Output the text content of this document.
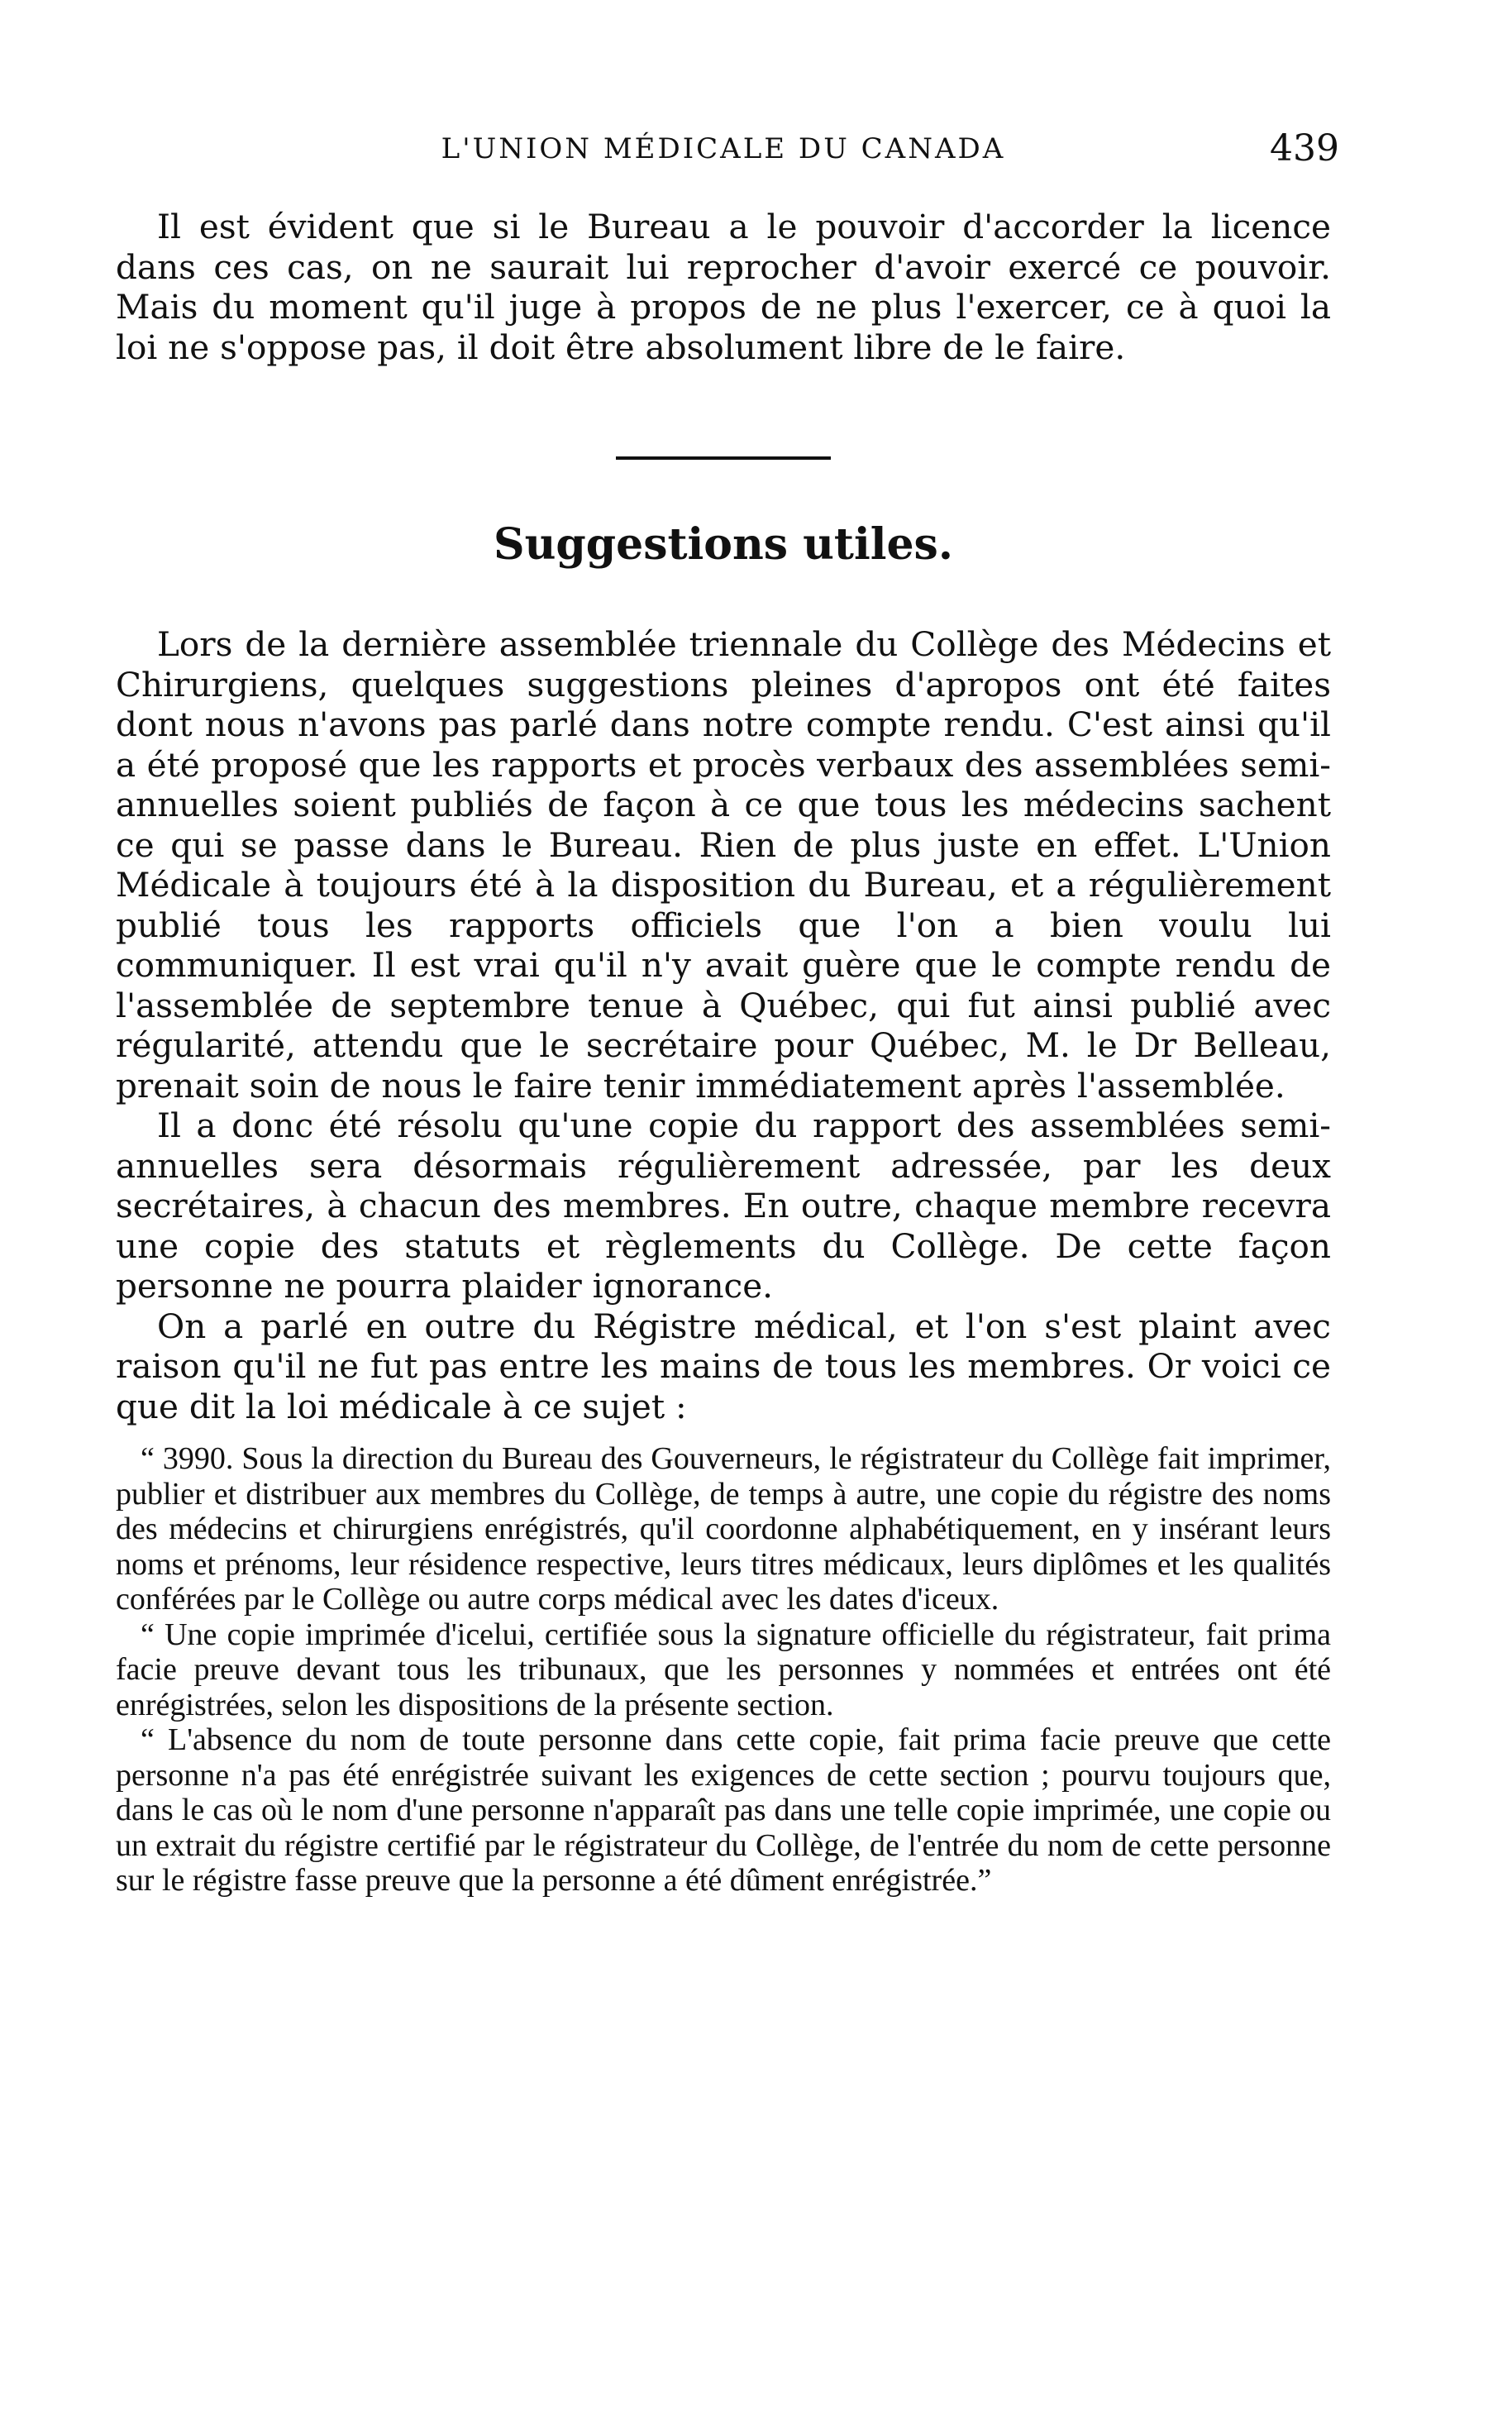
L'UNION MÉDICALE DU CANADA	439

Il est évident que si le Bureau a le pouvoir d'accorder la licence dans ces cas, on ne saurait lui reprocher d'avoir exercé ce pouvoir. Mais du moment qu'il juge à propos de ne plus l'exercer, ce à quoi la loi ne s'oppose pas, il doit être absolument libre de le faire.

Suggestions utiles.

Lors de la dernière assemblée triennale du Collège des Médecins et Chirurgiens, quelques suggestions pleines d'apropos ont été faites dont nous n'avons pas parlé dans notre compte rendu. C'est ainsi qu'il a été proposé que les rapports et procès verbaux des assemblées semi-annuelles soient publiés de façon à ce que tous les médecins sachent ce qui se passe dans le Bureau. Rien de plus juste en effet. L'Union Médicale à toujours été à la disposition du Bureau, et a régulièrement publié tous les rapports officiels que l'on a bien voulu lui communiquer. Il est vrai qu'il n'y avait guère que le compte rendu de l'assemblée de septembre tenue à Québec, qui fut ainsi publié avec régularité, attendu que le secrétaire pour Québec, M. le Dr Belleau, prenait soin de nous le faire tenir immédiatement après l'assemblée.

Il a donc été résolu qu'une copie du rapport des assemblées semi-annuelles sera désormais régulièrement adressée, par les deux secrétaires, à chacun des membres. En outre, chaque membre recevra une copie des statuts et règlements du Collège. De cette façon personne ne pourra plaider ignorance.

On a parlé en outre du Régistre médical, et l'on s'est plaint avec raison qu'il ne fut pas entre les mains de tous les membres. Or voici ce que dit la loi médicale à ce sujet :

“ 3990. Sous la direction du Bureau des Gouverneurs, le régistrateur du Collège fait imprimer, publier et distribuer aux membres du Collège, de temps à autre, une copie du régistre des noms des médecins et chirurgiens enrégistrés, qu'il coordonne alphabétiquement, en y insérant leurs noms et prénoms, leur résidence respective, leurs titres médicaux, leurs diplômes et les qualités conférées par le Collège ou autre corps médical avec les dates d'iceux.

“ Une copie imprimée d'icelui, certifiée sous la signature officielle du régistrateur, fait prima facie preuve devant tous les tribunaux, que les personnes y nommées et entrées ont été enrégistrées, selon les dispositions de la présente section.

“ L'absence du nom de toute personne dans cette copie, fait prima facie preuve que cette personne n'a pas été enrégistrée suivant les exigences de cette section ; pourvu toujours que, dans le cas où le nom d'une personne n'apparaît pas dans une telle copie imprimée, une copie ou un extrait du régistre certifié par le régistrateur du Collège, de l'entrée du nom de cette personne sur le régistre fasse preuve que la personne a été dûment enrégistrée.”
